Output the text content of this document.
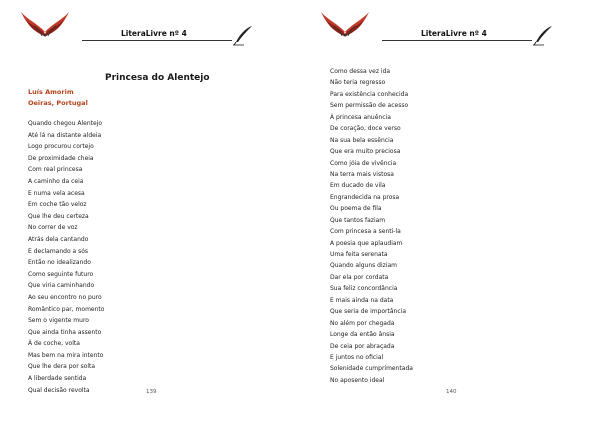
LiteraLivre nº 4
Princesa do Alentejo
Luís Amorim
Oeiras, Portugal
Quando chegou Alentejo
Até lá na distante aldeia
Logo procurou cortejo
De proximidade cheia
Com real princesa
A caminho da ceia
E numa vela acesa
Em coche tão veloz
Que lhe deu certeza
No correr de voz
Atrás dela cantando
E declamando a sós
Então no idealizando
Como seguinte futuro
Que viria caminhando
Ao seu encontro no puro
Romântico par, momento
Sem o vigente muro
Que ainda tinha assento
À de coche, volta
Mas bem na mira intento
Que lhe dera por solta
A liberdade sentida
Qual decisão revolta	139
LiteraLivre nº 4
Como dessa vez ida
Não teria regresso
Para existência conhecida
Sem permissão de acesso
À princesa anuência
De coração, doce verso
Na sua bela essência
Que era muito preciosa
Como jóia de vivência
Na terra mais vistosa
Em ducado de vila
Engrandecida na prosa
Ou poema de fila
Que tantos faziam
Com princesa a senti-la
A poesia que aplaudiam
Uma feita serenata
Quando alguns diziam
Dar ela por cordata
Sua feliz concordância
E mais ainda na data
Que seria de importância
No além por chegada
Longe da então ânsia
De ceia por abraçada
E juntos no oficial
Solenidade cumprimentada
No aposento ideal
140
